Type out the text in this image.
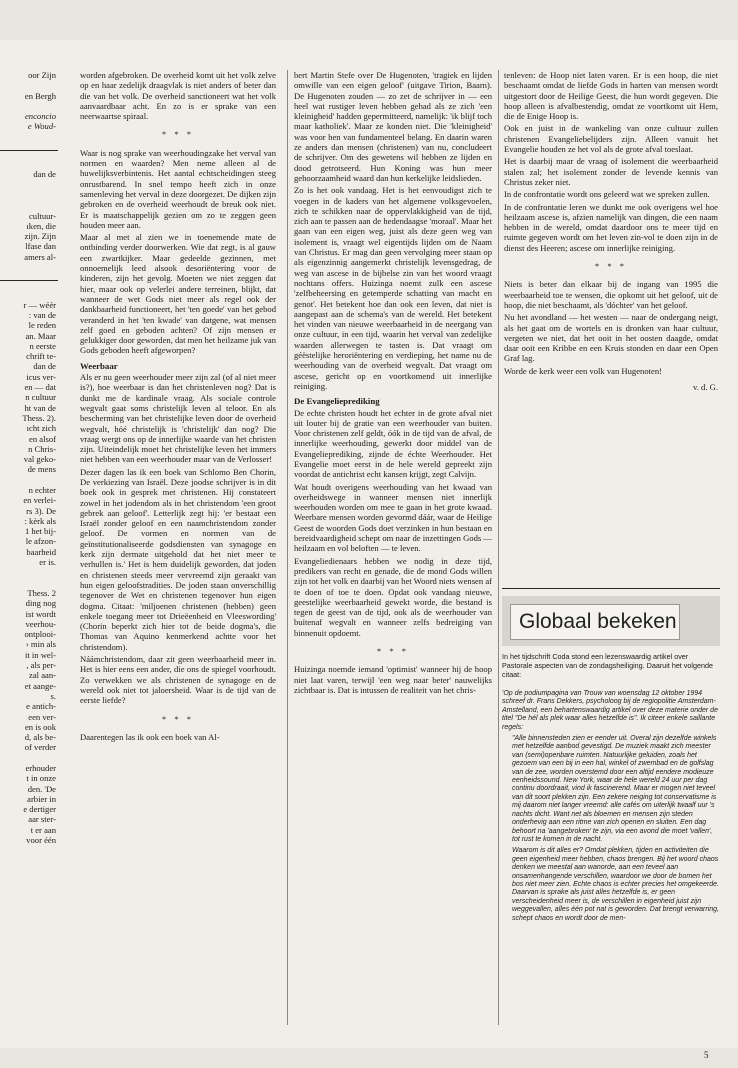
oor Zijn
en Bergh
enconcio
e Woud-
dan de
cultuur-
ıken, die
zijn. Zijn
lfase dan
amers al-
r — wéér
: van de
le reden
an. Maar
n eerste
chrift te-
dan de
icus ver-
en — dat
n cultuur
ht van de
Thess. 2).
ıcht zich
en alsof
n Chris-
val geko-
de mens
n echter
en verlei-
rs 3). De
: kèrk als
1 het bij-
le afzon-
baarheid
er is.
Thess. 2
ding nog
ist wordt
veerhou-
ontplooi-
› min als
it in wel-
, als per-
zal aan-
et aange-
s.
e antich-
een ver-
en is ook
d, als be-
of verder
erhouder
t in onze
den. 'De
arbier in
e dertiger
aar ster-
t er aan
voor één

worden afgebroken. De overheid komt uit het volk zelve op en haar zedelijk draagvlak is niet anders of beter dan die van het volk. De overheid sanctioneert wat het volk aanvaardbaar acht. En zo is er sprake van een neerwaartse spiraal.

* * *

Waar is nog sprake van weerhoudingzake het verval van normen en waarden? Men neme alleen al de huwelijksverbintenis. Het aantal echtscheidingen steeg onrustbarend. In snel tempo heeft zich in onze samenleving het verval in deze doorgezet. De dijken zijn gebroken en de overheid weerhoudt de breuk ook niet. Er is maatschappelijk gezien om zo te zeggen geen houden meer aan.

Maar al met al zien we in toenemende mate de ontbinding verder doorwerken. Wie dat zegt, is al gauw een zwartkijker. Maar gedeelde gezinnen, met onnoemelijk leed alsook desoriëntering voor de kinderen, zijn het gevolg. Moeten we niet zeggen dat hier, maar ook op velerlei andere terreinen, blijkt, dat wanneer de wet Gods niet meer als regel ook der dankbaarheid functioneert, het 'ten goede' van het gebod veranderd in het 'ten kwade' van datgene, wat mensen zelf goed en geboden achten? Of zijn mensen er gelukkiger door geworden, dat men het heilzame juk van Gods geboden heeft afgeworpen?

Weerbaar

Als er nu geen weerhouder meer zijn zal (of al niet meer is?), hoe weerbaar is dan het christenleven nog? Dat is dunkt me de kardinale vraag. Als sociale controle wegvalt gaat soms christelijk leven al teloor. En als bescherming van het christelijke leven door de overheid wegvalt, hóé christelijk is 'christelijk' dan nog? Die vraag wergt ons op de innerlijke waarde van het christen zijn. Uiteindelijk moet het christelijke leven het immers niet hebben van een weerhouder maar van de Verlosser!

Dezer dagen las ik een boek van Schlomo Ben Chorin, De verkiezing van Israël. Deze joodse schrijver is in dit boek ook in gesprek met christenen. Hij constateert zowel in het jodendom als in het christendom 'een groot gebrek aan geloof'. Letterlijk zegt hij: 'er bestaat een Israël zonder geloof en een naamchristendom zonder geloof. De vormen en normen van de geïnstitutionaliseerde godsdiensten van synagoge en kerk zijn dermate uitgehold dat het niet meer te verhullen is.' Het is hem duidelijk geworden, dat joden en christenen steeds meer vervreemd zijn geraakt van hun eigen geloofstradities. De joden staan onverschillig tegenover de Wet en christenen tegenover hun eigen dogma. Citaat: 'miljoenen christenen (hebben) geen enkele toegang meer tot Drieëenheid en Vleeswording' (Chorin beperkt zich hier tot de beide dogma's, die Thomas van Aquino kenmerkend achtte voor het christendom).

Náámchristendom, daar zit geen weerbaarheid meer in. Het is hier eens een ander, die ons de spiegel voorhoudt. Zo verwekken we als christenen de synagoge en de wereld ook niet tot jaloersheid. Waar is de tijd van de eerste liefde?

* * *

Daarentegen las ik ook een boek van Al-

bert Martin Stefe over De Hugenoten, 'tragiek en lijden omwille van een eigen geloof' (uitgave Tirion, Baarn). De Hugenoten zouden — zo zet de schrijver in — een heel wat rustiger leven hebben gehad als ze zich 'een kleinigheid' hadden gepermitteerd, namelijk: 'ik blijf toch maar katholiek'. Maar ze konden niet. Die 'kleinigheid' was voor hen van fundamenteel belang. En daarin waren ze anders dan mensen (christenen) van nu, concludeert de schrijver. Om des gewetens wil hebben ze lijden en dood getrotseerd. Hun Koning was hun meer gehoorzaamheid waard dan hun kerkelijke leidslieden.

Zo is het ook vandaag. Het is het eenvoudigst zich te voegen in de kaders van het algemene volksgevoelen, zich te schikken naar de oppervlakkigheid van de tijd, zich aan te passen aan de hedendaagse 'moraal'. Maar het gaan van een eigen weg, juist als deze geen weg van isolement is, vraagt wel eigentijds lijden om de Naam van Christus. Er mag dan geen vervolging meer staan op als eigenzinnig aangemerkt christelijk levensgedrag, de weg van ascese in de bijbelse zin van het woord vraagt nochtans offers. Huizinga noemt zulk een ascese 'zelfbeheersing en getemperde schatting van macht en genot'. Het betekent hoe dan ook een leven, dat niet is aangepast aan de schema's van de wereld. Het betekent het vinden van nieuwe weerbaarheid in de neergang van onze cultuur, in een tijd, waarin het verval van zedelijke waarden allerwegen te tasten is. Dat vraagt om géëstelijke heroriëntering en verdieping, het name nu de weerhouding van de overheid wegvalt. Dat vraagt om ascese, gericht op en voortkomend uit innerlijke reiniging.

De Evangelieprediking

De echte christen houdt het echter in de grote afval niet uit louter bij de gratie van een weerhouder van buiten. Voor christenen zelf geldt, óók in de tijd van de afval, de innerlijke weerhouding, gewerkt door middel van de Evangelieprediking, zijnde de échte Weerhouder. Het Evangelie moet eerst in de hele wereld gepreekt zijn voordat de antichrist echt kansen krijgt, zegt Calvijn.

Wat houdt overigens weerhouding van het kwaad van overheidswege in wanneer mensen niet innerlijk weerhouden worden om mee te gaan in het grote kwaad. Weerbare mensen worden gevormd dáár, waar de Heilige Geest de woorden Gods doet verzinken in hun bestaan en bereidvaardigheid schept om naar de inzettingen Gods — heilzaam en vol beloften — te leven.

Evangeliedienaars hebben we nodig in deze tijd, predikers van recht en genade, die de mond Gods willen zijn tot het volk en daarbij van het Woord niets wensen af te doen of toe te doen. Opdat ook vandaag nieuwe, geestelijke weerbaarheid gewekt worde, die bestand is tegen de geest van de tijd, ook als de weerhouder van buitenaf wegvalt en wanneer zelfs bedreiging van binnenuit opdoemt.

* * *

Huizinga noemde iemand 'optimist' wanneer hij de hoop niet laat varen, terwijl 'een weg naar beter' nauwelijks zichtbaar is. Dat is intussen de realiteit van het chris-

tenleven: de Hoop niet laten varen. Er is een hoop, die niet beschaamt omdat de liefde Gods in harten van mensen wordt uitgestort door de Heilige Geest, die hun wordt gegeven. Die hoop alleen is afvalbestendig, omdat ze voortkomt uit Hem, die de Enige Hoop is.

Ook en juist in de wankeling van onze cultuur zullen christenen Evangeliebelijders zijn. Alleen vanuit het Evangelie houden ze het vol als de grote afval toeslaat.

Het is daarbij maar de vraag of isolement die weerbaarheid stalen zal; het isolement zonder de levende kennis van Christus zeker niet.

In de confrontatie wordt ons geleerd wat we spreken zullen.

In de confrontatie leren we dunkt me ook overigens wel hoe heilzaam ascese is, afzien namelijk van dingen, die een naam hebben in de wereld, omdat daardoor ons te meer tijd en ruimte gegeven wordt om het leven zin-vol te doen zijn in de dienst des Heeren; ascese om innerlijke reiniging.

* * *

Niets is beter dan elkaar bij de ingang van 1995 die weerbaarheid toe te wensen, die opkomt uit het geloof, uit de hoop, die niet beschaamt, als 'dóchter' van het geloof.

Nu het avondland — het westen — naar de ondergang neigt, als het gaat om de wortels en is dronken van haar cultuur, vergeten we niet, dat het ooit in het oosten daagde, omdat daar ooit een Kribbe en een Kruis stonden en daar een Open Graf lag.

Worde de kerk weer een volk van Hugenoten!

v. d. G.
Globaal bekeken
In het tijdschrift Coda stond een lezenswaardig artikel over Pastorale aspecten van de zondagsheiliging. Daaruit het volgende citaat:

'Op de podiumpagina van Trouw van woensdag 12 oktober 1994 schreef dr. Frans Dekkers, psycholoog bij de regiopolitie Amsterdam-Amstelland, een behartenswaardig artikel over deze materie onder de titel "De hél als plek waar alles hetzelfde is". Ik citeer enkele saillante regels:

"Alle binnensteden zien er eender uit. Overal zijn dezelfde winkels met hetzelfde aanbod gevestigd. De muziek maakt zich meester van (semi)openbare ruimten. Natuurlijke geluiden, zoals het gezoem van een bij in een hal, winkel of zwembad en de golfslag van de zee, worden overstemd door een altijd eendere modieuze eenheidssound. New York, waar de hele wereld 24 uur per dag continu doordraait, vind ik fascinerend. Maar er mogen niet teveel van dit soort plekken zijn. Een zekere neiging tot conservatisme is mij daarom niet langer vreemd: alle cafés om uiterlijk twaalf uur 's nachts dicht. Want net als bloemen en mensen zijn steden onderhevig aan een ritme van zich openen en sluiten. Een dag behoort na 'aangebroken' te zijn, via een avond die moet 'vallen', tot rust te komen in de nacht.

Waarom is dit alles er? Omdat plekken, tijden en activiteiten die geen eigenheid meer hebben, chaos brengen. Bij het woord chaos denken we meestal aan wanorde, aan een teveel aan onsamenhangende verschillen, waardoor we door de bomen het bos niet meer zien. Echte chaos is echter precies het omgekeerde. Daarvan is sprake als juist alles hetzelfde is, er geen verscheidenheid meer is, de verschillen in eigenheid juist zijn weggevallen, alles één pot nat is geworden. Dat brengt verwarring, schept chaos en wordt door de men-

5
